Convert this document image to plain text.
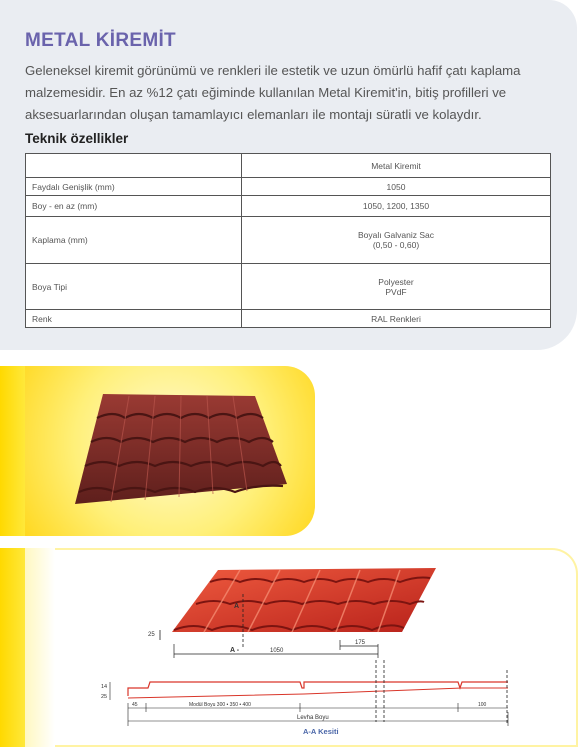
METAL KİREMİT
Geleneksel kiremit görünümü ve renkleri ile estetik ve uzun ömürlü hafif çatı kaplama malzemesidir. En az %12 çatı eğiminde kullanılan Metal Kiremit'in, bitiş profilleri ve aksesuarlarından oluşan tamamlayıcı elemanları ile montajı süratli ve kolaydır.
Teknik özellikler
	Metal Kiremit
Faydalı Genişlik (mm)	1050
Boy - en az (mm)	1050, 1200, 1350
Kaplama (mm)	Boyalı Galvaniz Sac
(0,50 - 0,60)

Boya Tipi	Polyester
PVdF

Renk	RAL Renkleri
A
A -
25
1050
175
14
25
45	Modül Boyu 300 • 350 • 400	100
Levha Boyu
A-A Kesiti
